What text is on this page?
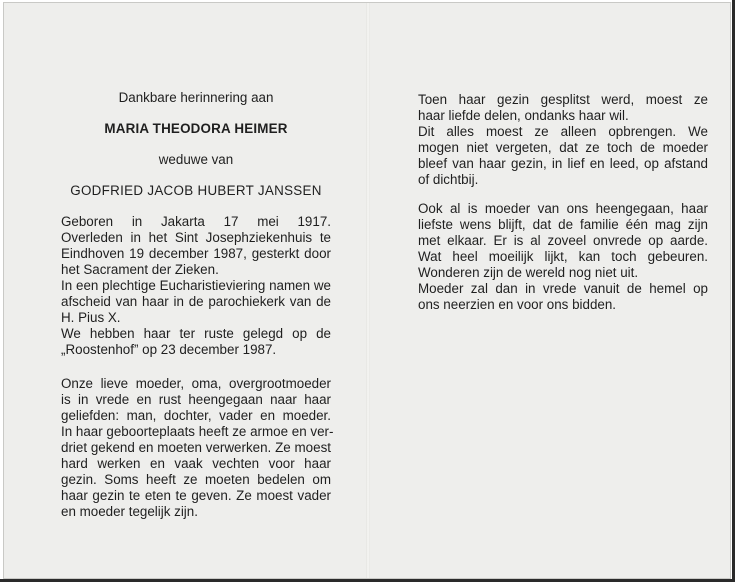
Dankbare herinnering aan
MARIA THEODORA HEIMER
weduwe van
GODFRIED JACOB HUBERT JANSSEN
Geboren in Jakarta 17 mei 1917.
Overleden in het Sint Josephziekenhuis te
Eindhoven 19 december 1987, gesterkt door
het Sacrament der Zieken.
In een plechtige Eucharistieviering namen we
afscheid van haar in de parochiekerk van de
H. Pius X.
We hebben haar ter ruste gelegd op de
„Roostenhof” op 23 december 1987.
Onze lieve moeder, oma, overgrootmoeder
is in vrede en rust heengegaan naar haar
geliefden: man, dochter, vader en moeder.
In haar geboorteplaats heeft ze armoe en ver-
driet gekend en moeten verwerken. Ze moest
hard werken en vaak vechten voor haar
gezin. Soms heeft ze moeten bedelen om
haar gezin te eten te geven. Ze moest vader
en moeder tegelijk zijn.
Toen haar gezin gesplitst werd, moest ze
haar liefde delen, ondanks haar wil.
Dit alles moest ze alleen opbrengen. We
mogen niet vergeten, dat ze toch de moeder
bleef van haar gezin, in lief en leed, op afstand
of dichtbij.
Ook al is moeder van ons heengegaan, haar
liefste wens blijft, dat de familie één mag zijn
met elkaar. Er is al zoveel onvrede op aarde.
Wat heel moeilijk lijkt, kan toch gebeuren.
Wonderen zijn de wereld nog niet uit.
Moeder zal dan in vrede vanuit de hemel op
ons neerzien en voor ons bidden.
